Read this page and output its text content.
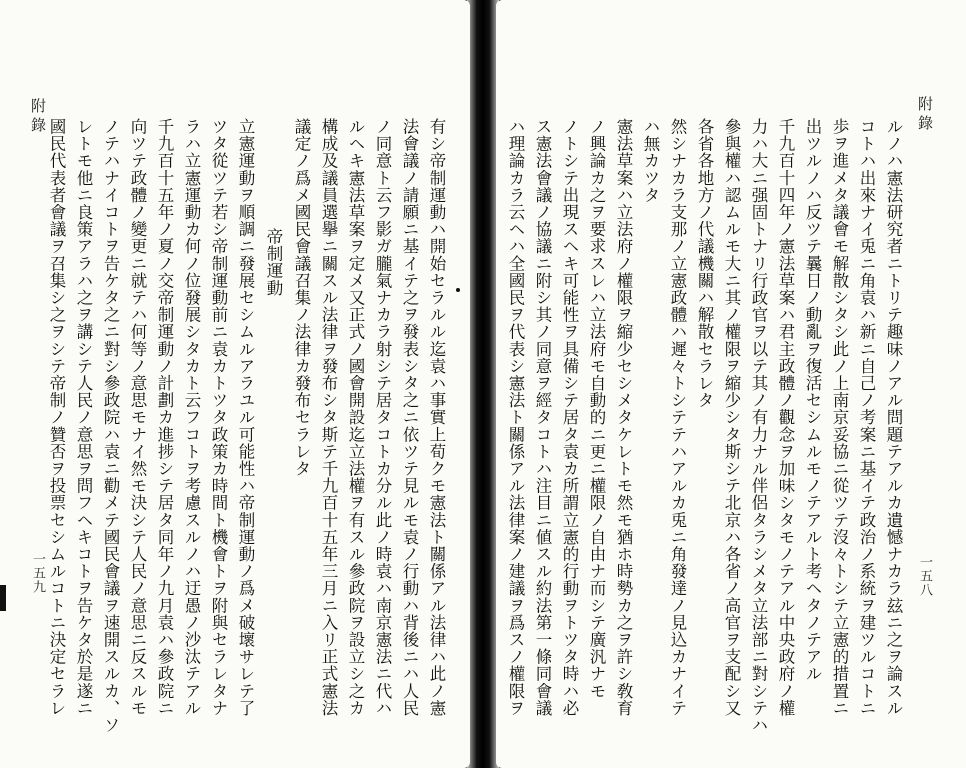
附錄
一五九	有シ帝制運動ハ開始セラルル迄袁ハ事實上荀クモ憲法ト關係アル法律ハ此ノ憲
法會議ノ請願ニ基イテ之ヲ發表シタ之ニ依ツテ見ルモ袁ノ行動ハ背後ニハ人民
ノ同意ト云フ影ガ朧氣ナカラ射シテ居タコトカ分ル此ノ時袁ハ南京憲法ニ代ハ
ルヘキ憲法草案ヲ定メ又正式ノ國會開設迄立法權ヲ有スル參政院ヲ設立シ之カ
構成及議員選擧ニ關スル法律ヲ發布シタ斯テ千九百十五年三月ニ入リ正式憲法
議定ノ爲メ國民會議召集ノ法律カ發布セラレタ
帝制運動
立憲運動ヲ順調ニ發展セシムルアラユル可能性ハ帝制運動ノ爲メ破壞サレテ了
ツタ從ツテ若シ帝制運動前ニ袁カトツタ政策カ時間ト機會トヲ附與セラレタナ
ラハ立憲運動カ何ノ位發展シタカト云フコトヲ考慮スルノハ迂愚ノ沙汰テアル
千九百十五年ノ夏ノ交帝制運動ノ計劃カ進捗シテ居タ同年ノ九月袁ハ參政院ニ
向ツテ政體ノ變更ニ就テハ何等ノ意思モナイ然モ決シテ人民ノ意思ニ反スルモ
ノテハナイコトヲ告ケタ之ニ對シ參政院ハ袁ニ勸メテ國民會議ヲ速開スルカ、ソ
レトモ他ニ良策アラハ之ヲ講シテ人民ノ意思ヲ問フヘキコトヲ告ケタ於是遂ニ
國民代表者會議ヲ召集シ之ヲシテ帝制ノ贊否ヲ投票セシムルコトニ決定セラレ
附錄
一五八
ルノハ憲法研究者ニトリテ趣味ノアル問題テアルカ遺憾ナカラ玆ニ之ヲ論スル
コトハ出來ナイ兎ニ角袁ハ新ニ自己ノ考案ニ基イテ政治ノ系統ヲ建ツルコトニ
歩ヲ進メタ議會モ解散シタシ此ノ上南京妥協ニ從ツテ沒々トシテ立憲的措置ニ
出ツルノハ反ツテ曩日ノ動亂ヲ復活セシムルモノテアルト考ヘタノテアル
千九百十四年ノ憲法草案ハ君主政體ノ觀念ヲ加味シタモノテアル中央政府ノ權
力ハ大ニ强固トナリ行政官ヲ以テ其ノ有力ナル伴侶タラシメタ立法部ニ對シテハ
參與權ハ認ムルモ大ニ其ノ權限ヲ縮少シタ斯シテ北京ハ各省ノ高官ヲ支配シ又
各省各地方ノ代議機關ハ解散セラレタ
然シナカラ支那ノ立憲政體ハ遲々トシテテハアルカ兎ニ角發達ノ見込カナイテ
ハ無カツタ
憲法草案ハ立法府ノ權限ヲ縮少セシメタケレトモ然モ猶ホ時勢カ之ヲ許シ敎育
ノ興論カ之ヲ要求スレハ立法府モ自動的ニ更ニ權限ノ自由ナ而シテ廣汎ナモ
ノトシテ出現スヘキ可能性ヲ具備シテ居タ袁カ所謂立憲的行動ヲトツタ時ハ必
ス憲法會議ノ協議ニ附シ其ノ同意ヲ經タコトハ注目ニ値スル約法第一條同會議
ハ理論カラ云ヘハ全國民ヲ代表シ憲法ト關係アル法律案ノ建議ヲ爲スノ權限ヲ
